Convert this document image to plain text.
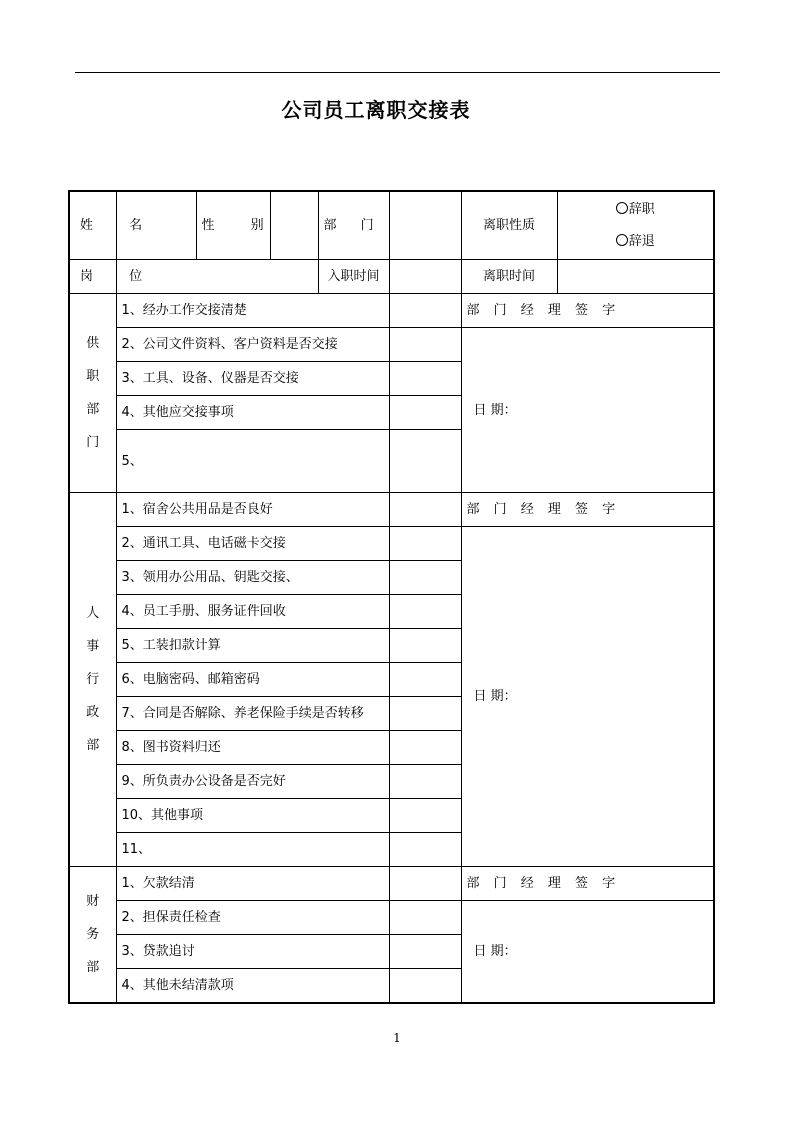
公司员工离职交接表
姓 名		性 别		部 门		离职性质	辞职
辞退

岗 位				入职时间		离职时间	
供职部门	1、经办工作交接清楚					部 门 经 理 签 字	
	2、公司文件资料、客户资料是否交接					日 期：	
	3、工具、设备、仪器是否交接						
	4、其他应交接事项						
	5、						
人事行政部	1、宿舍公共用品是否良好					部 门 经 理 签 字	
	2、通讯工具、电话磁卡交接					日 期：	
	3、领用办公用品、钥匙交接、						
	4、员工手册、服务证件回收						
	5、工装扣款计算						
	6、电脑密码、邮箱密码						
	7、合同是否解除、养老保险手续是否转移						
	8、图书资料归还						
	9、所负责办公设备是否完好						
	10、其他事项						
	11、						
财务部	1、欠款结清					部 门 经 理 签 字	
	2、担保责任检查					日 期：	
	3、贷款追讨						
	4、其他未结清款项						
1
